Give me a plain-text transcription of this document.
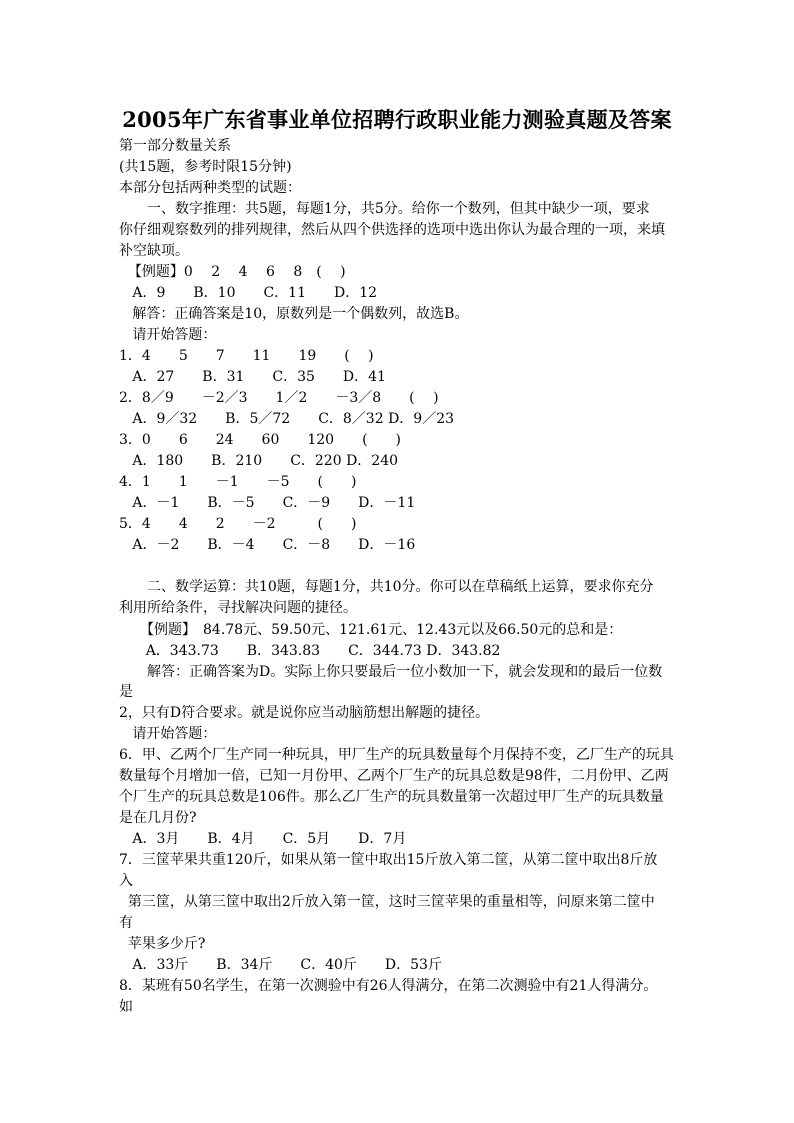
2005年广东省事业单位招聘行政职业能力测验真题及答案
第一部分数量关系
(共15题，参考时限15分钟)
本部分包括两种类型的试题：
　　一、数字推理：共5题，每题1分，共5分。给你一个数列，但其中缺少一项，要求
你仔细观察数列的排列规律，然后从四个供选择的选项中选出你认为最合理的一项，来填
补空缺项。
【例题】0　 2　 4　 6　 8　( 　)
A．9　　B．10　　C．11　　D．12
解答：正确答案是10，原数列是一个偶数列，故选B。
请开始答题：
1．4　　5　　7　　11　　19　　(　 )
A．27　　B．31　　C．35　　D．41
2．8／9　　－2／3　　1／2　　－3／8　　(　 )
A．9／32　　B．5／72　　C．8／32 D．9／23
3．0　　6　　24　　60　　120　　(　　)
A．180　　B．210　　C．220 D．240
4．1　　1　　－1　　－5　　(　　)
A．－1　　B．－5　　C．－9　　D．－11
5．4　　4　　2　　－2　　　(　　)
A．－2　　B．－4　　C．－8　　D．－16
　　二、数学运算：共10题，每题1分，共10分。你可以在草稿纸上运算，要求你充分
利用所给条件，寻找解决问题的捷径。
　　【例题】　84.78元、59.50元、121.61元、12.43元以及66.50元的总和是：
A．343.73　　B．343.83　　C．344.73 D．343.82
　　解答：正确答案为D。实际上你只要最后一位小数加一下，就会发现和的最后一位数
是
2，只有D符合要求。就是说你应当动脑筋想出解题的捷径。
请开始答题：
6．甲、乙两个厂生产同一种玩具，甲厂生产的玩具数量每个月保持不变，乙厂生产的玩具
数量每个月增加一倍，已知一月份甲、乙两个厂生产的玩具总数是98件，二月份甲、乙两
个厂生产的玩具总数是106件。那么乙厂生产的玩具数量第一次超过甲厂生产的玩具数量
是在几月份?
A．3月　　B．4月　　C．5月　　D．7月
7．三筐苹果共重120斤，如果从第一筐中取出15斤放入第二筐，从第二筐中取出8斤放
入
第三筐，从第三筐中取出2斤放入第一筐，这时三筐苹果的重量相等，问原来第二筐中
有
苹果多少斤?
A．33斤　　B．34斤　　C．40斤　　D．53斤
8．某班有50名学生，在第一次测验中有26人得满分，在第二次测验中有21人得满分。
如
